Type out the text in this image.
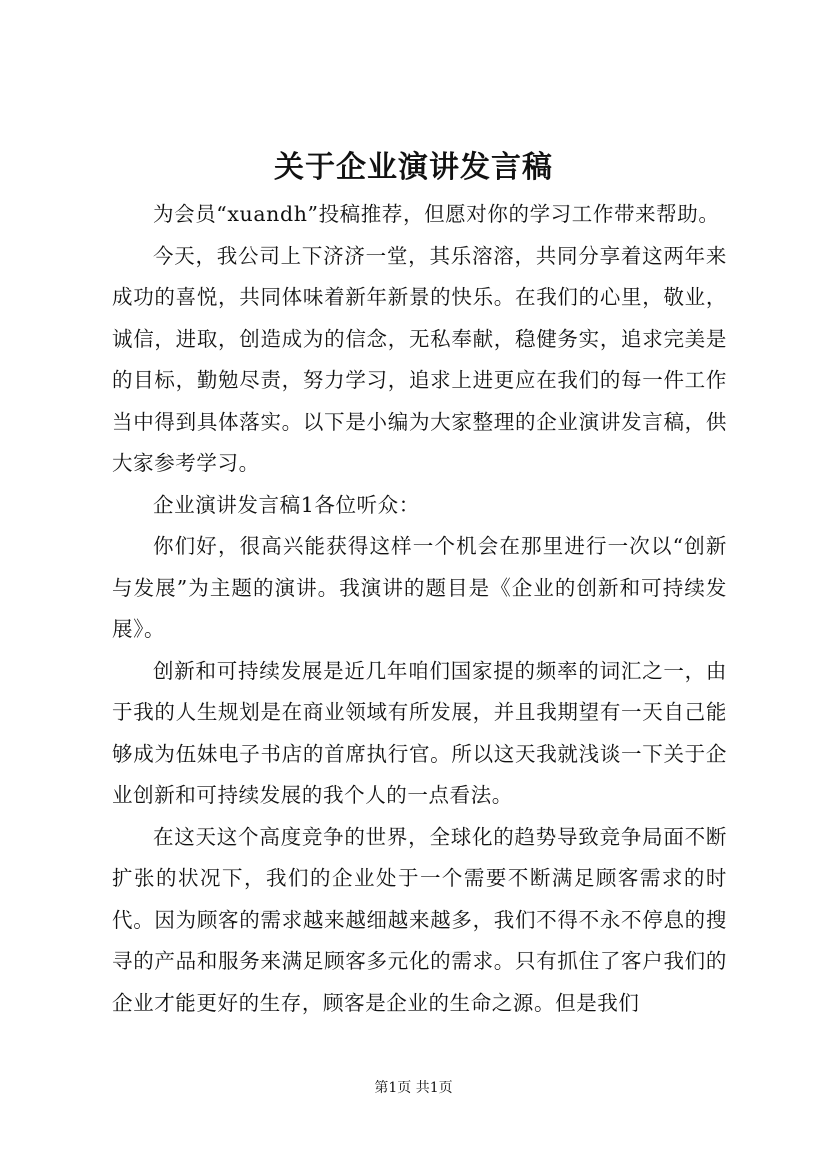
关于企业演讲发言稿

为会员“xuandh”投稿推荐，但愿对你的学习工作带来帮助。

今天，我公司上下济济一堂，其乐溶溶，共同分享着这两年来成功的喜悦，共同体味着新年新景的快乐。在我们的心里，敬业，诚信，进取，创造成为的信念，无私奉献，稳健务实，追求完美是的目标，勤勉尽责，努力学习，追求上进更应在我们的每一件工作当中得到具体落实。以下是小编为大家整理的企业演讲发言稿，供大家参考学习。

企业演讲发言稿1各位听众：

你们好，很高兴能获得这样一个机会在那里进行一次以“创新与发展”为主题的演讲。我演讲的题目是《企业的创新和可持续发展》。

创新和可持续发展是近几年咱们国家提的频率的词汇之一，由于我的人生规划是在商业领域有所发展，并且我期望有一天自己能够成为伍妹电子书店的首席执行官。所以这天我就浅谈一下关于企业创新和可持续发展的我个人的一点看法。

在这天这个高度竞争的世界，全球化的趋势导致竞争局面不断扩张的状况下，我们的企业处于一个需要不断满足顾客需求的时代。因为顾客的需求越来越细越来越多，我们不得不永不停息的搜寻的产品和服务来满足顾客多元化的需求。只有抓住了客户我们的企业才能更好的生存，顾客是企业的生命之源。但是我们

第1页 共1页
